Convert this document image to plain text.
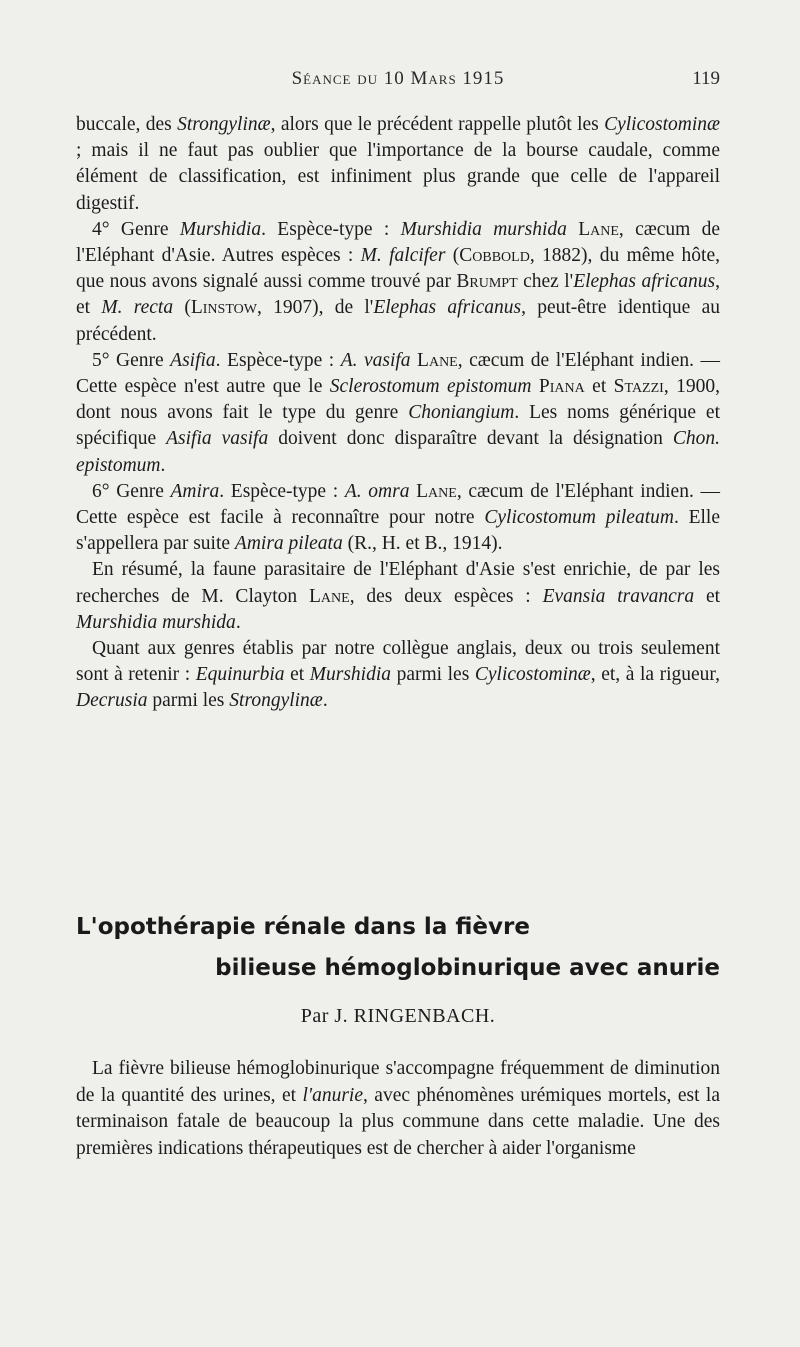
Séance du 10 Mars 1915	119

buccale, des Strongylinæ, alors que le précédent rappelle plutôt les Cylicostominæ ; mais il ne faut pas oublier que l'importance de la bourse caudale, comme élément de classification, est infiniment plus grande que celle de l'appareil digestif.

4° Genre Murshidia. Espèce-type : Murshidia murshida Lane, cæcum de l'Eléphant d'Asie. Autres espèces : M. falcifer (Cobbold, 1882), du même hôte, que nous avons signalé aussi comme trouvé par Brumpt chez l'Elephas africanus, et M. recta (Linstow, 1907), de l'Elephas africanus, peut-être identique au précédent.

5° Genre Asifia. Espèce-type : A. vasifa Lane, cæcum de l'Eléphant indien. — Cette espèce n'est autre que le Sclerostomum epistomum Piana et Stazzi, 1900, dont nous avons fait le type du genre Choniangium. Les noms générique et spécifique Asifia vasifa doivent donc disparaître devant la désignation Chon. epistomum.

6° Genre Amira. Espèce-type : A. omra Lane, cæcum de l'Eléphant indien. — Cette espèce est facile à reconnaître pour notre Cylicostomum pileatum. Elle s'appellera par suite Amira pileata (R., H. et B., 1914).

En résumé, la faune parasitaire de l'Eléphant d'Asie s'est enrichie, de par les recherches de M. Clayton Lane, des deux espèces : Evansia travancra et Murshidia murshida.

Quant aux genres établis par notre collègue anglais, deux ou trois seulement sont à retenir : Equinurbia et Murshidia parmi les Cylicostominæ, et, à la rigueur, Decrusia parmi les Strongylinæ.

L'opothérapie rénale dans la fièvre
bilieuse hémoglobinurique avec anurie
Par J. RINGENBACH.

La fièvre bilieuse hémoglobinurique s'accompagne fréquemment de diminution de la quantité des urines, et l'anurie, avec phénomènes urémiques mortels, est la terminaison fatale de beaucoup la plus commune dans cette maladie. Une des premières indications thérapeutiques est de chercher à aider l'organisme
